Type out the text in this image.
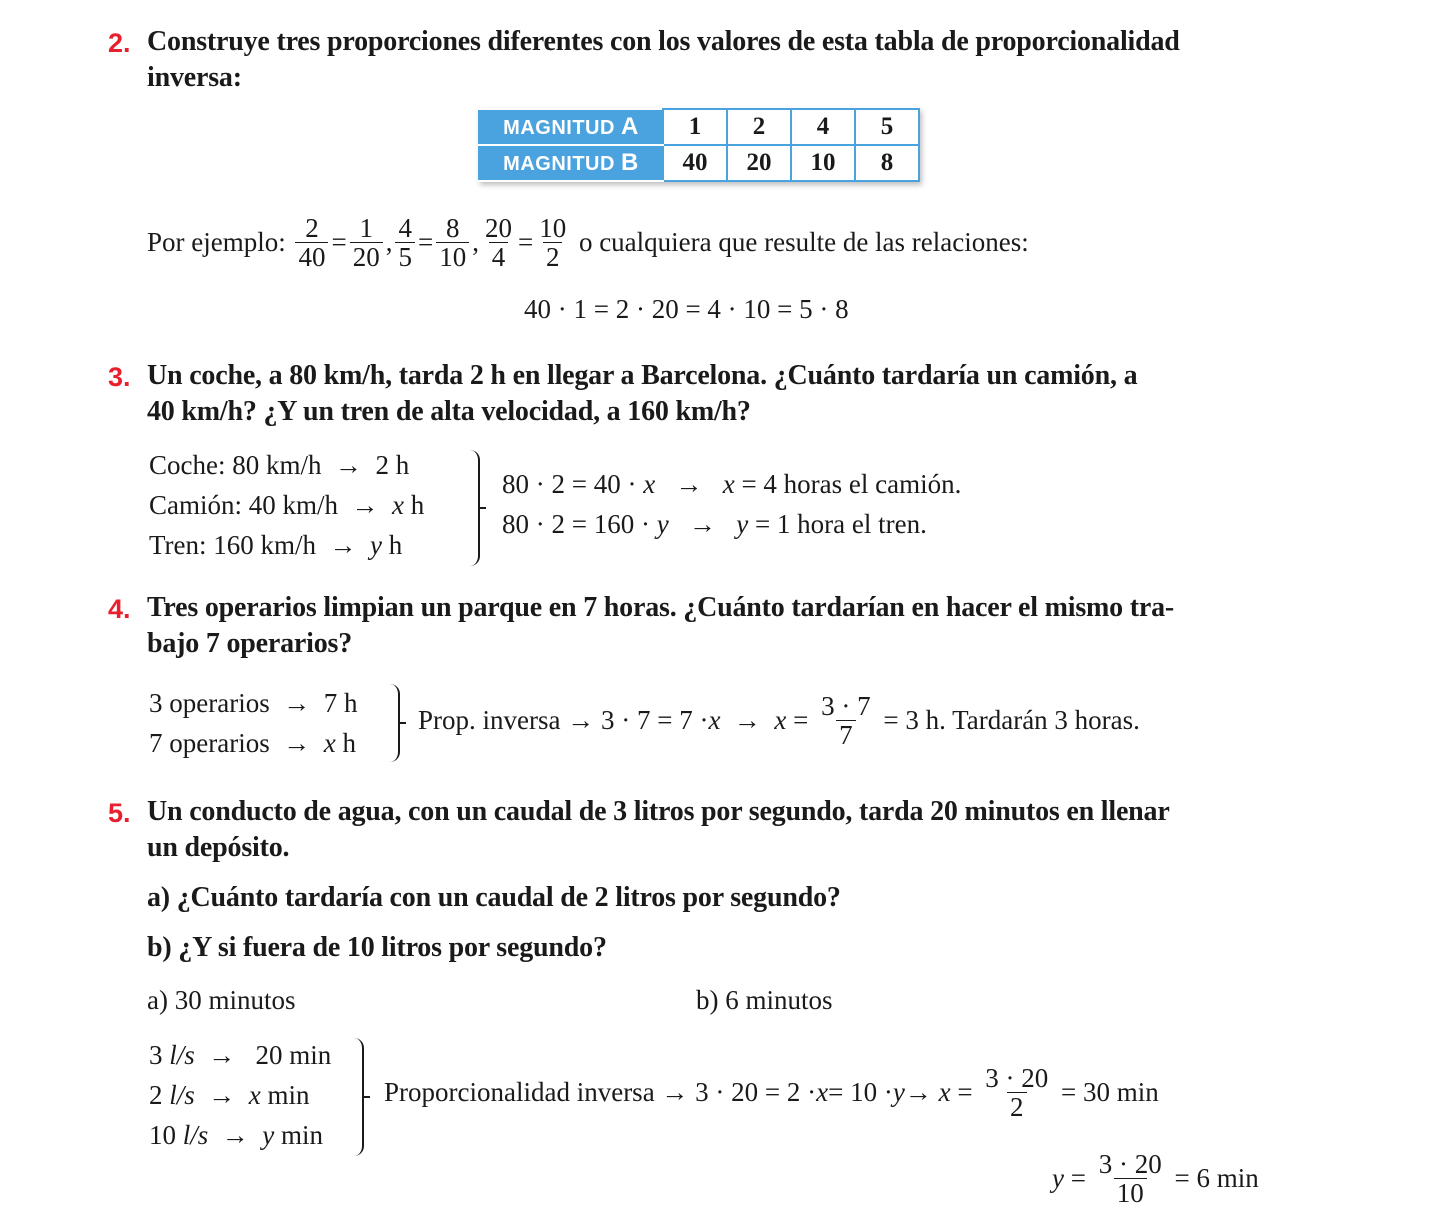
2. Construye tres proporciones diferentes con los valores de esta tabla de proporcionalidad
inversa:
MAGNITUD A	1	2	4	5
MAGNITUD B	40	20	10	8
Por ejemplo:
$\frac{2}{40} = \frac{1}{20}$ , $\frac{4}{5} = \frac{8}{10}$ , $\frac{20}{4} = \frac{10}{2}$
o cualquiera que resulte de las relaciones:
40 · 1 = 2 · 20 = 4 · 10 = 5 · 8
3. Un coche, a 80 km/h, tarda 2 h en llegar a Barcelona. ¿Cuánto tardaría un camión, a
40 km/h? ¿Y un tren de alta velocidad, a 160 km/h?
Coche: 80 km/h → 2 h
Camión: 40 km/h → x h
Tren: 160 km/h → y h
80 · 2 = 40 · x → x = 4 horas el camión.
80 · 2 = 160 · y → y = 1 hora el tren.
4. Tres operarios limpian un parque en 7 horas. ¿Cuánto tardarían en hacer el mismo tra-
bajo 7 operarios?
3 operarios → 7 h
7 operarios → x h
Prop. inversa → 3 · 7 = 7 · x
→
$x = \frac{3 \cdot 7}{7}$
= 3 h. Tardarán 3 horas.
5. Un conducto de agua, con un caudal de 3 litros por segundo, tarda 20 minutos en llenar
un depósito.
a) ¿Cuánto tardaría con un caudal de 2 litros por segundo?
b) ¿Y si fuera de 10 litros por segundo?
a) 30 minutos	b) 6 minutos
3 l/s → 20 min
2 l/s → x min
10 l/s → y min
Proporcionalidad inversa → 3 · 20 = 2 · x = 10 · y →
$x = \frac{3 \cdot 20}{2}$
= 30 min
$y = \frac{3 \cdot 20}{10}$
= 6 min
